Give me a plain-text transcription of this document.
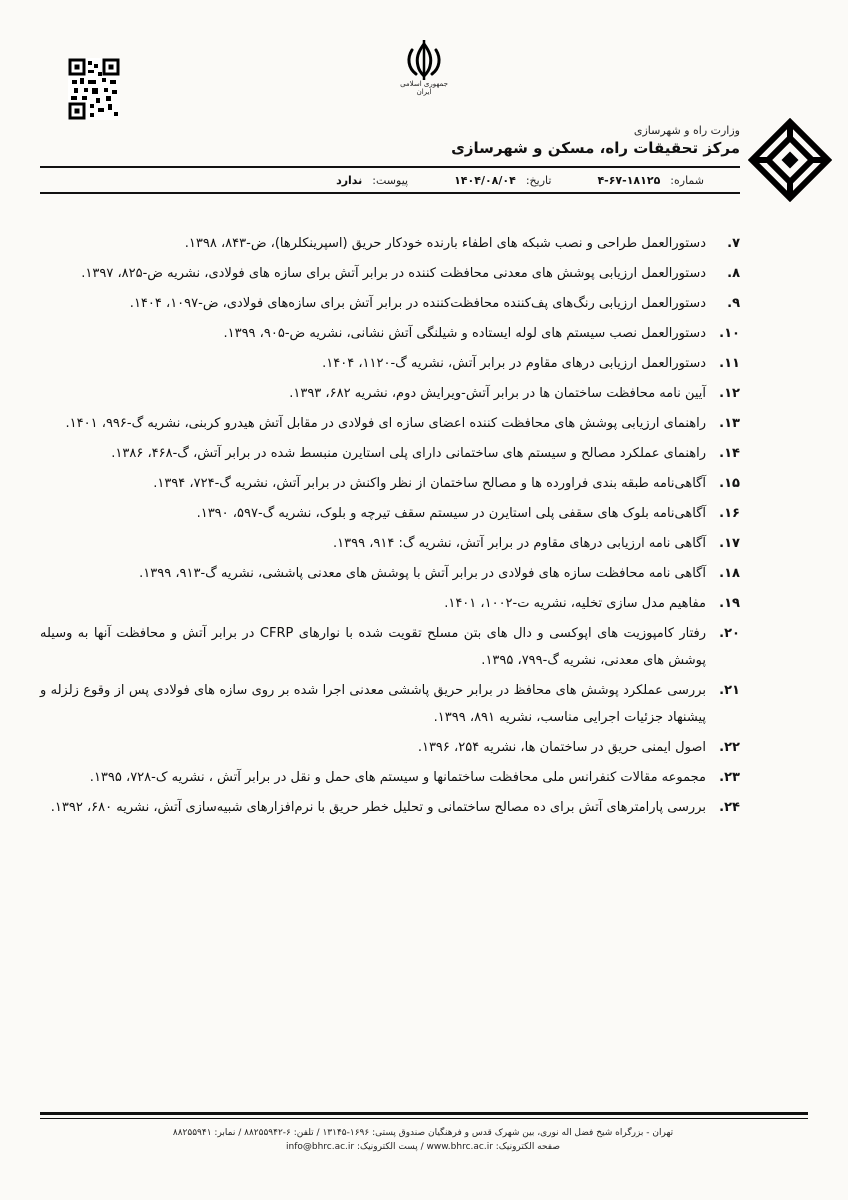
جمهوری اسلامی ایران
وزارت راه و شهرسازی
مرکز تحقیقات راه، مسکن و شهرسازی
شماره:
۴-۶۷-۱۸۱۲۵
تاریخ:
۱۴۰۴/۰۸/۰۴
پیوست:
ندارد
۷.
دستورالعمل طراحی و نصب شبکه های اطفاء بارنده خودکار حریق (اسپرینکلرها)، ض-۸۴۳، ۱۳۹۸.
۸.
دستورالعمل ارزیابی پوشش های معدنی محافظت کننده در برابر آتش برای سازه های فولادی، نشریه ض-۸۲۵، ۱۳۹۷.
۹.
دستورالعمل ارزیابی رنگ‌های پف‌کننده محافظت‌کننده در برابر آتش برای سازه‌های فولادی، ض-۱۰۹۷، ۱۴۰۴.
۱۰.
دستورالعمل نصب سیستم های لوله ایستاده و شیلنگی آتش نشانی، نشریه ض-۹۰۵، ۱۳۹۹.
۱۱.
دستورالعمل ارزیابی درهای مقاوم در برابر آتش، نشریه گ-۱۱۲۰، ۱۴۰۴.
۱۲.
آیین نامه محافظت ساختمان ها در برابر آتش-ویرایش دوم، نشریه ۶۸۲، ۱۳۹۳.
۱۳.
راهنمای ارزیابی پوشش های محافظت کننده اعضای سازه ای فولادی در مقابل آتش هیدرو کربنی، نشریه گ-۹۹۶، ۱۴۰۱.
۱۴.
راهنمای عملکرد مصالح و سیستم های ساختمانی دارای پلی استایرن منبسط شده در برابر آتش، گ-۴۶۸، ۱۳۸۶.
۱۵.
آگاهی‌نامه طبقه بندی فراورده ها و مصالح ساختمان از نظر واکنش در برابر آتش، نشریه گ-۷۲۴، ۱۳۹۴.
۱۶.
آگاهی‌نامه بلوک های سقفی پلی استایرن در سیستم سقف تیرچه و بلوک، نشریه گ-۵۹۷، ۱۳۹۰.
۱۷.
آگاهی نامه ارزیابی درهای مقاوم در برابر آتش، نشریه گ: ۹۱۴، ۱۳۹۹.
۱۸.
آگاهی نامه محافظت سازه های فولادی در برابر آتش با پوشش های معدنی پاششی، نشریه گ-۹۱۳، ۱۳۹۹.
۱۹.
مفاهیم مدل سازی تخلیه، نشریه ت-۱۰۰۲، ۱۴۰۱.
۲۰.
رفتار کامپوزیت های اپوکسی و دال های بتن مسلح تقویت شده با نوارهای CFRP در برابر آتش و محافظت آنها به وسیله پوشش های معدنی، نشریه گ-۷۹۹، ۱۳۹۵.
۲۱.
بررسی عملکرد پوشش های محافظ در برابر حریق پاششی معدنی اجرا شده بر روی سازه های فولادی پس از وقوع زلزله و پیشنهاد جزئیات اجرایی مناسب، نشریه ۸۹۱، ۱۳۹۹.
۲۲.
اصول ایمنی حریق در ساختمان ها، نشریه ۲۵۴، ۱۳۹۶.
۲۳.
مجموعه مقالات کنفرانس ملی محافظت ساختمانها و سیستم های حمل و نقل در برابر آتش ، نشریه ک-۷۲۸، ۱۳۹۵.
۲۴.
بررسی پارامترهای آتش برای ده مصالح ساختمانی و تحلیل خطر حریق با نرم‌افزارهای شبیه‌سازی آتش، نشریه ۶۸۰، ۱۳۹۲.
تهران - بزرگراه شیخ فضل اله نوری، بین شهرک قدس و فرهنگیان صندوق پستی: ۱۶۹۶-۱۳۱۴۵ / تلفن: ۶-۸۸۲۵۵۹۴۲ / نمابر: ۸۸۲۵۵۹۴۱
صفحه الکترونیک: www.bhrc.ac.ir / پست الکترونیک: info@bhrc.ac.ir
